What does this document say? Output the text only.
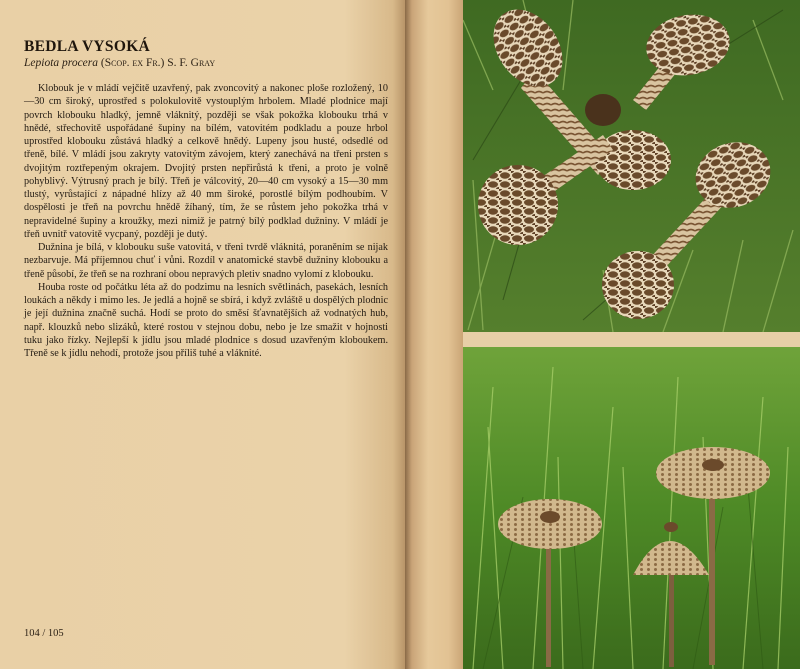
BEDLA VYSOKÁ

Lepiota procera (Scop. ex Fr.) S. F. Gray

Klobouk je v mládí vejčitě uzavřený, pak zvoncovitý a nakonec ploše rozložený, 10—30 cm široký, uprostřed s polokulovitě vystouplým hrbolem. Mladé plodnice mají povrch klobouku hladký, jemně vláknitý, později se však pokožka klobouku trhá v hnědé, střechovitě uspořádané šupiny na bílém, vatovitém podkladu a pouze hrbol uprostřed klobouku zůstává hladký a celkově hnědý. Lupeny jsou husté, odsedlé od třeně, bílé. V mládí jsou zakryty vatovitým závojem, který zanechává na třeni prsten s dvojitým roztřepeným okrajem. Dvojitý prsten nepřirůstá k třeni, a proto je volně pohyblivý. Výtrusný prach je bílý. Třeň je válcovitý, 20—40 cm vysoký a 15—30 mm tlustý, vyrůstající z nápadné hlízy až 40 mm široké, porostlé bílým podhoubím. V dospělosti je třeň na povrchu hnědě žíhaný, tím, že se růstem jeho pokožka trhá v nepravidelné šupiny a kroužky, mezi nimiž je patrný bílý podklad dužniny. V mládí je třeň uvnitř vatovitě vycpaný, později je dutý.

Dužnina je bílá, v klobouku suše vatovitá, v třeni tvrdě vláknitá, poraněním se nijak nezbarvuje. Má příjemnou chuť i vůni. Rozdíl v anatomické stavbě dužniny klobouku a třeně působí, že třeň se na rozhraní obou nepravých pletiv snadno vylomí z klobouku.

Houba roste od počátku léta až do podzimu na lesních světlinách, pasekách, lesních loukách a někdy i mimo les. Je jedlá a hojně se sbírá, i když zvláště u dospělých plodnic je její dužnina značně suchá. Hodí se proto do směsí šťavnatějších až vodnatých hub, např. klouzků nebo slizáků, které rostou v stejnou dobu, nebo je lze smažit v hojnosti tuku jako řízky. Nejlepší k jídlu jsou mladé plodnice s dosud uzavřeným kloboukem. Třeně se k jídlu nehodí, protože jsou příliš tuhé a vláknité.

104 / 105
